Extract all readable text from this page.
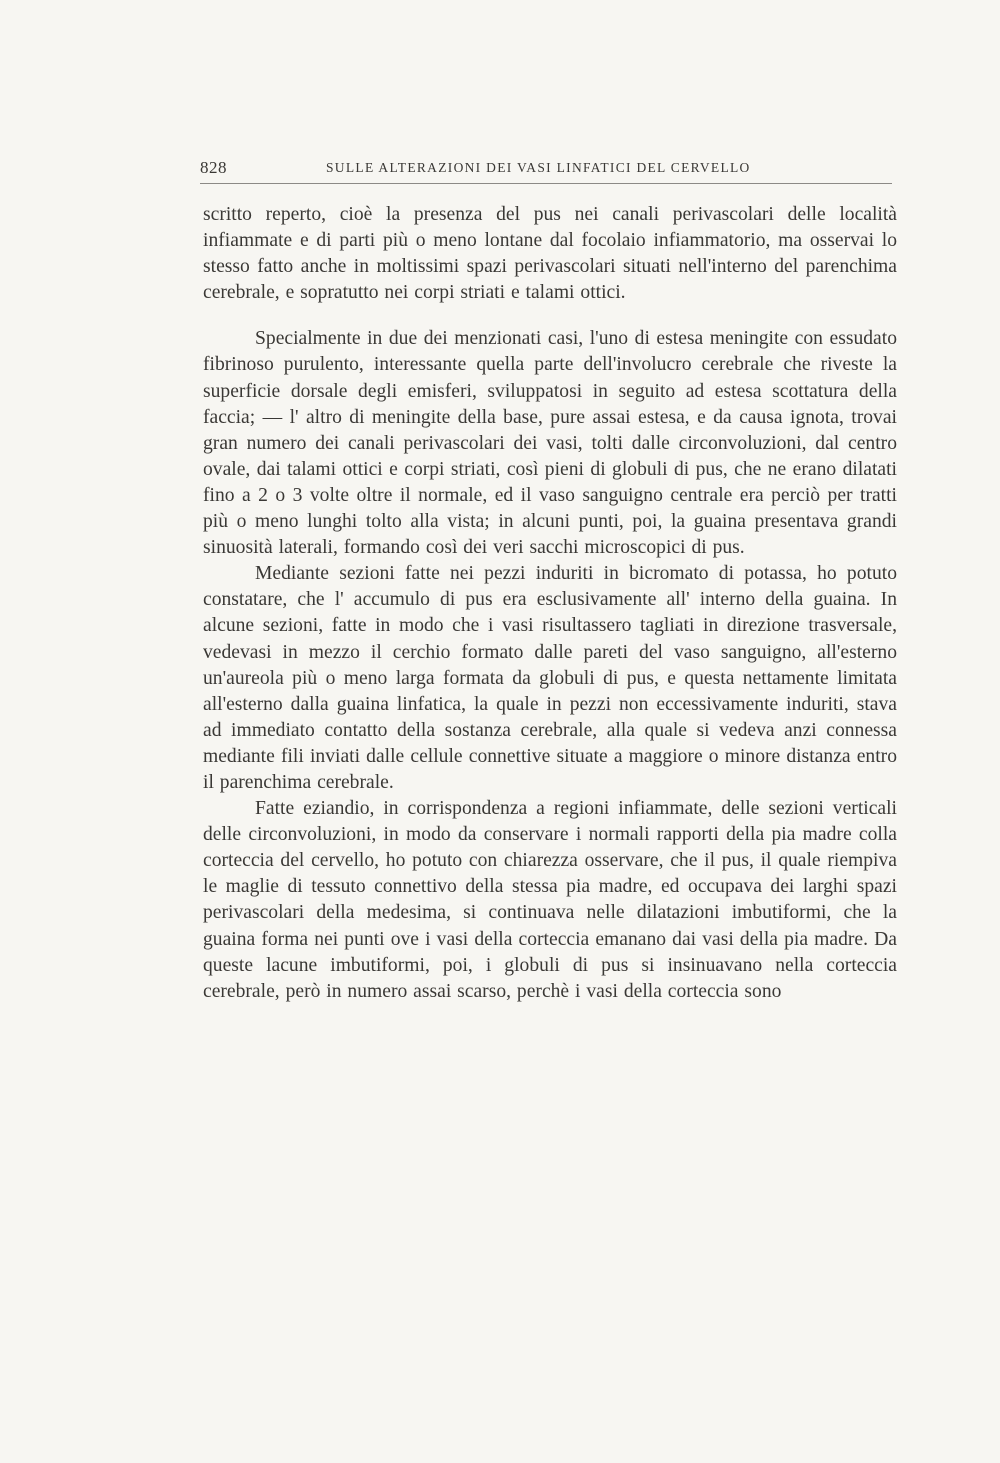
828	SULLE ALTERAZIONI DEI VASI LINFATICI DEL CERVELLO

scritto reperto, cioè la presenza del pus nei canali perivascolari delle località infiammate e di parti più o meno lontane dal focolaio infiammatorio, ma osservai lo stesso fatto anche in moltissimi spazi perivascolari situati nell'interno del parenchima cerebrale, e sopratutto nei corpi striati e talami ottici.

Specialmente in due dei menzionati casi, l'uno di estesa meningite con essudato fibrinoso purulento, interessante quella parte dell'involucro cerebrale che riveste la superficie dorsale degli emisferi, sviluppatosi in seguito ad estesa scottatura della faccia; — l' altro di meningite della base, pure assai estesa, e da causa ignota, trovai gran numero dei canali perivascolari dei vasi, tolti dalle circonvoluzioni, dal centro ovale, dai talami ottici e corpi striati, così pieni di globuli di pus, che ne erano dilatati fino a 2 o 3 volte oltre il normale, ed il vaso sanguigno centrale era perciò per tratti più o meno lunghi tolto alla vista; in alcuni punti, poi, la guaina presentava grandi sinuosità laterali, formando così dei veri sacchi microscopici di pus.

Mediante sezioni fatte nei pezzi induriti in bicromato di potassa, ho potuto constatare, che l' accumulo di pus era esclusivamente all' interno della guaina. In alcune sezioni, fatte in modo che i vasi risultassero tagliati in direzione trasversale, vedevasi in mezzo il cerchio formato dalle pareti del vaso sanguigno, all'esterno un'aureola più o meno larga formata da globuli di pus, e questa nettamente limitata all'esterno dalla guaina linfatica, la quale in pezzi non eccessivamente induriti, stava ad immediato contatto della sostanza cerebrale, alla quale si vedeva anzi connessa mediante fili inviati dalle cellule connettive situate a maggiore o minore distanza entro il parenchima cerebrale.

Fatte eziandio, in corrispondenza a regioni infiammate, delle sezioni verticali delle circonvoluzioni, in modo da conservare i normali rapporti della pia madre colla corteccia del cervello, ho potuto con chiarezza osservare, che il pus, il quale riempiva le maglie di tessuto connettivo della stessa pia madre, ed occupava dei larghi spazi perivascolari della medesima, si continuava nelle dilatazioni imbutiformi, che la guaina forma nei punti ove i vasi della corteccia emanano dai vasi della pia madre. Da queste lacune imbutiformi, poi, i globuli di pus si insinuavano nella corteccia cerebrale, però in numero assai scarso, perchè i vasi della corteccia sono
